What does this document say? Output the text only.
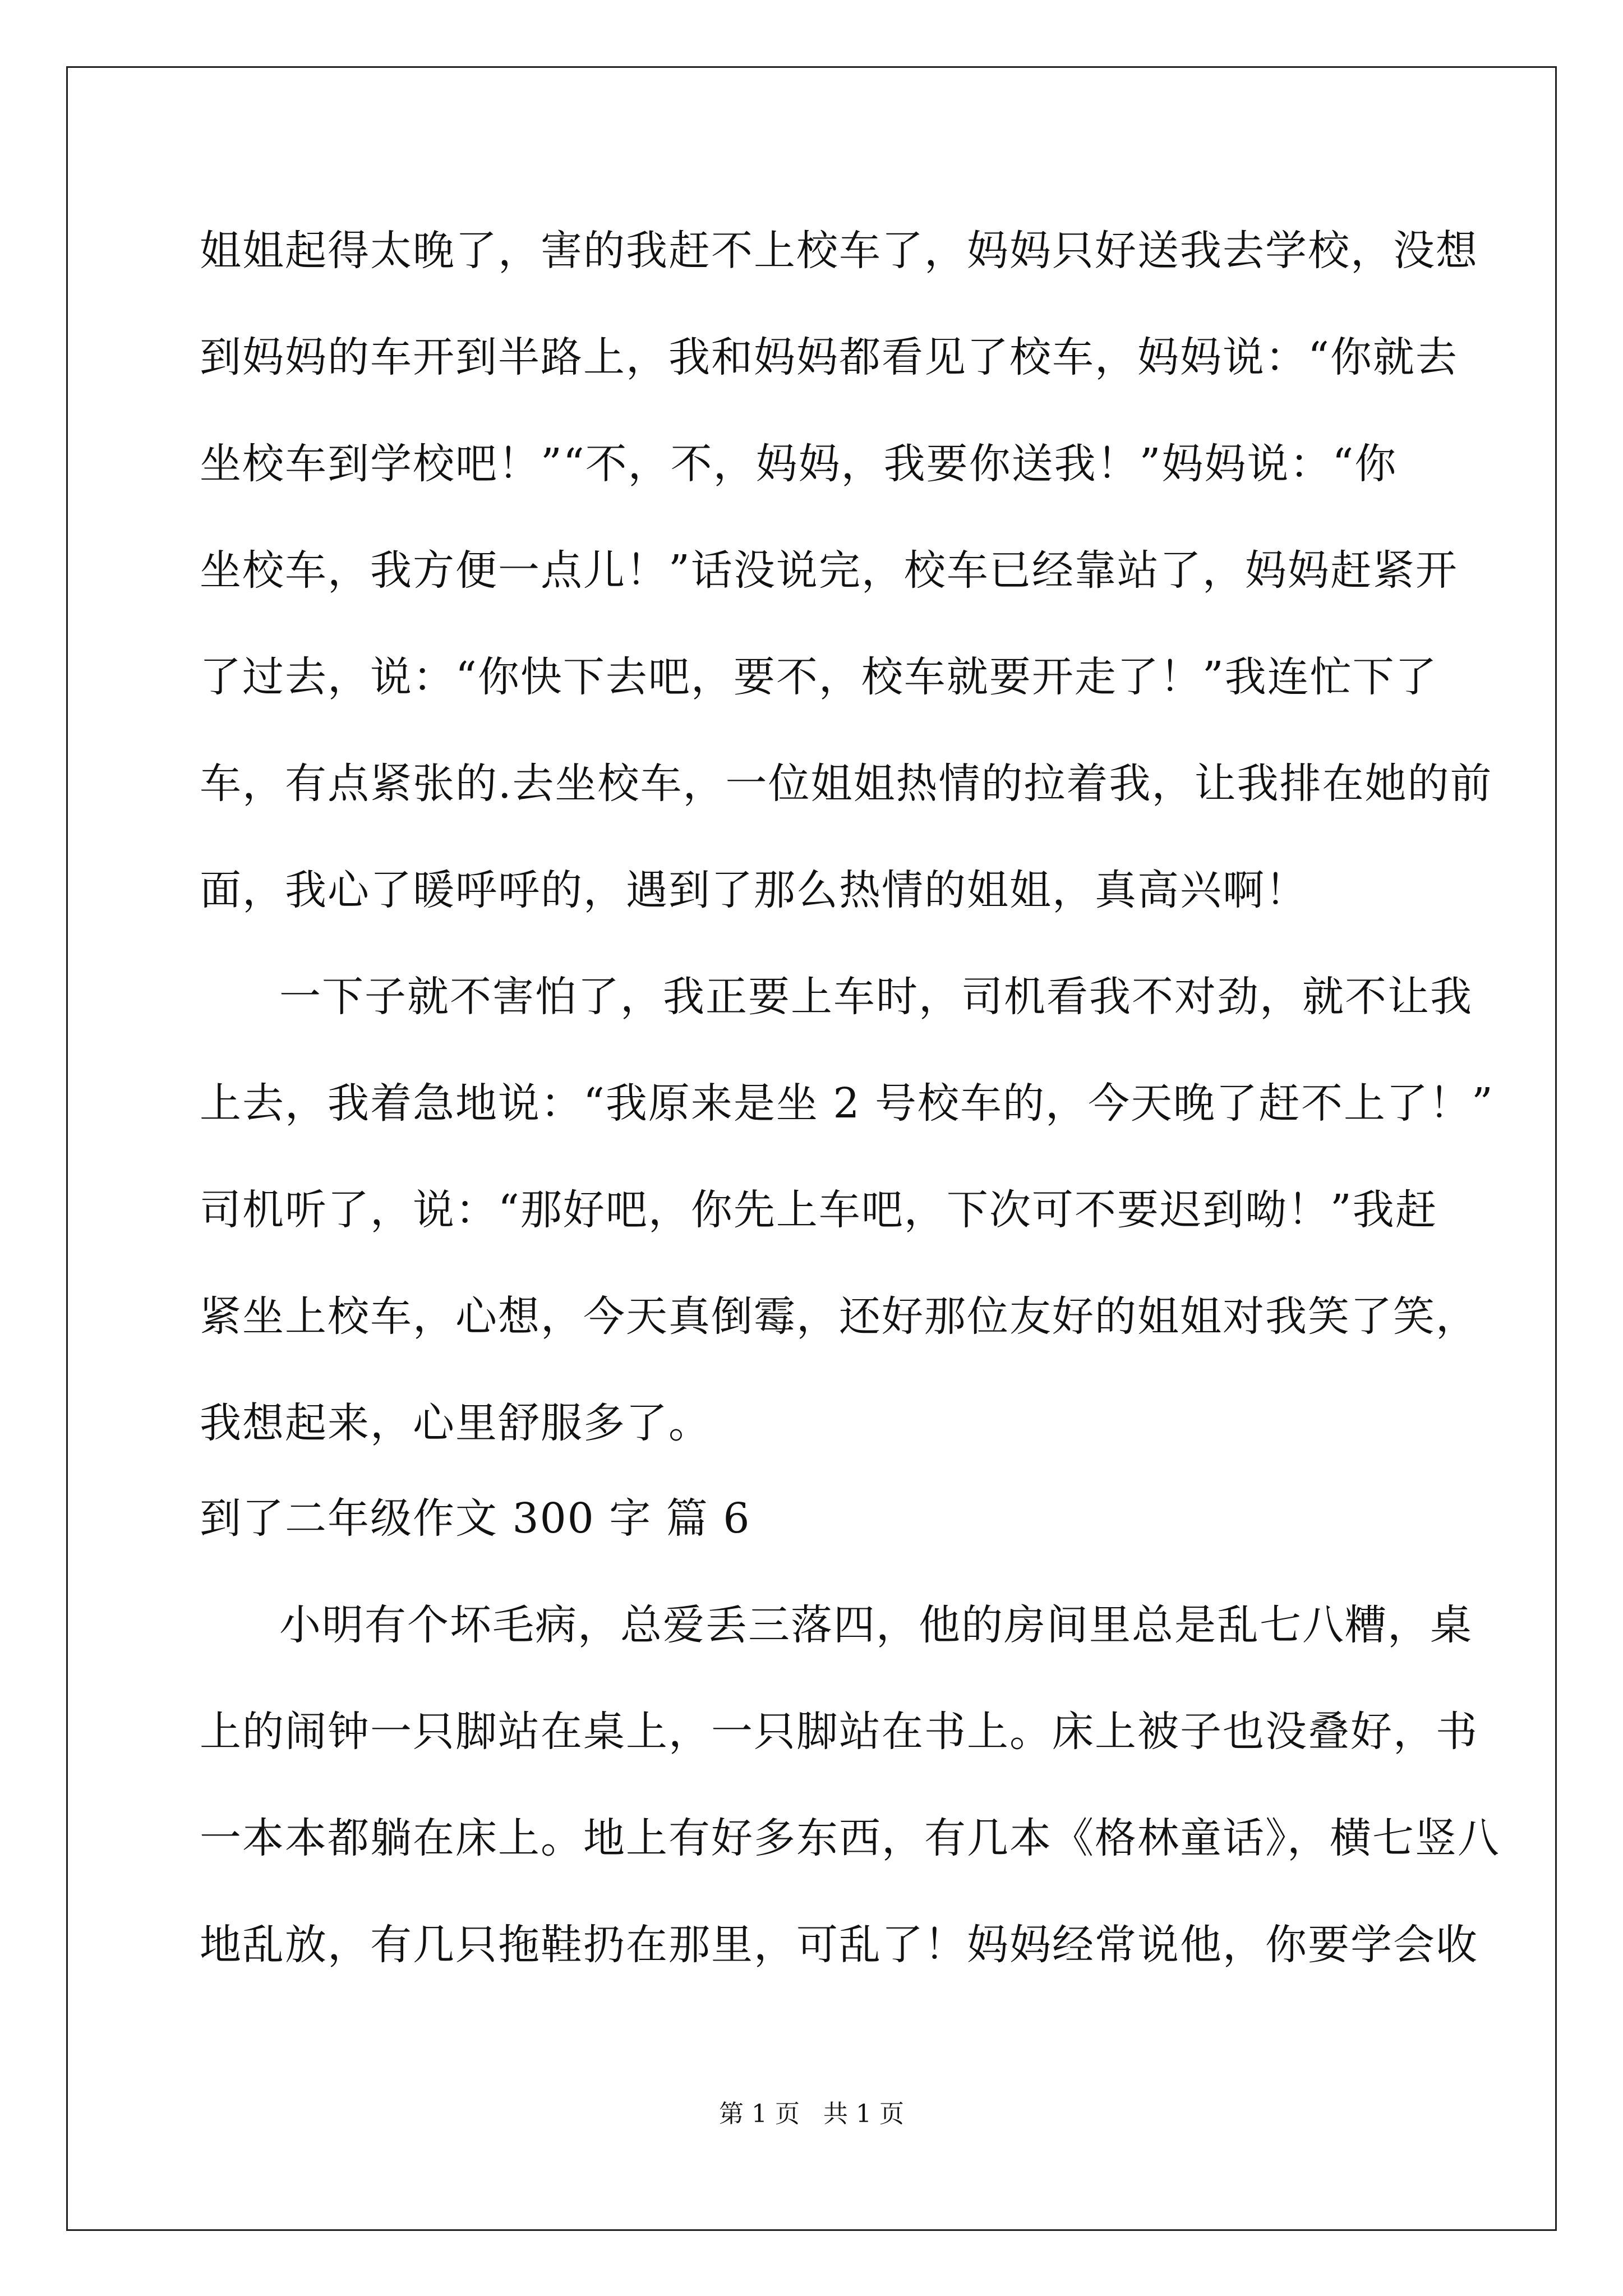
姐姐起得太晚了，害的我赶不上校车了，妈妈只好送我去学校，没想
到妈妈的车开到半路上，我和妈妈都看见了校车，妈妈说：“你就去
坐校车到学校吧！”“不，不，妈妈，我要你送我！”妈妈说：“你
坐校车，我方便一点儿！”话没说完，校车已经靠站了，妈妈赶紧开
了过去，说：“你快下去吧，要不，校车就要开走了！”我连忙下了
车，有点紧张的.去坐校车，一位姐姐热情的拉着我，让我排在她的前
面，我心了暖呼呼的，遇到了那么热情的姐姐，真高兴啊！
一下子就不害怕了，我正要上车时，司机看我不对劲，就不让我
上去，我着急地说：“我原来是坐 2 号校车的，今天晚了赶不上了！”
司机听了，说：“那好吧，你先上车吧，下次可不要迟到呦！”我赶
紧坐上校车，心想，今天真倒霉，还好那位友好的姐姐对我笑了笑，
我想起来，心里舒服多了。
到了二年级作文 300 字 篇 6
小明有个坏毛病，总爱丢三落四，他的房间里总是乱七八糟，桌
上的闹钟一只脚站在桌上，一只脚站在书上。床上被子也没叠好，书
一本本都躺在床上。地上有好多东西，有几本《格林童话》，横七竖八
地乱放，有几只拖鞋扔在那里，可乱了！妈妈经常说他，你要学会收
第 1 页   共 1 页
